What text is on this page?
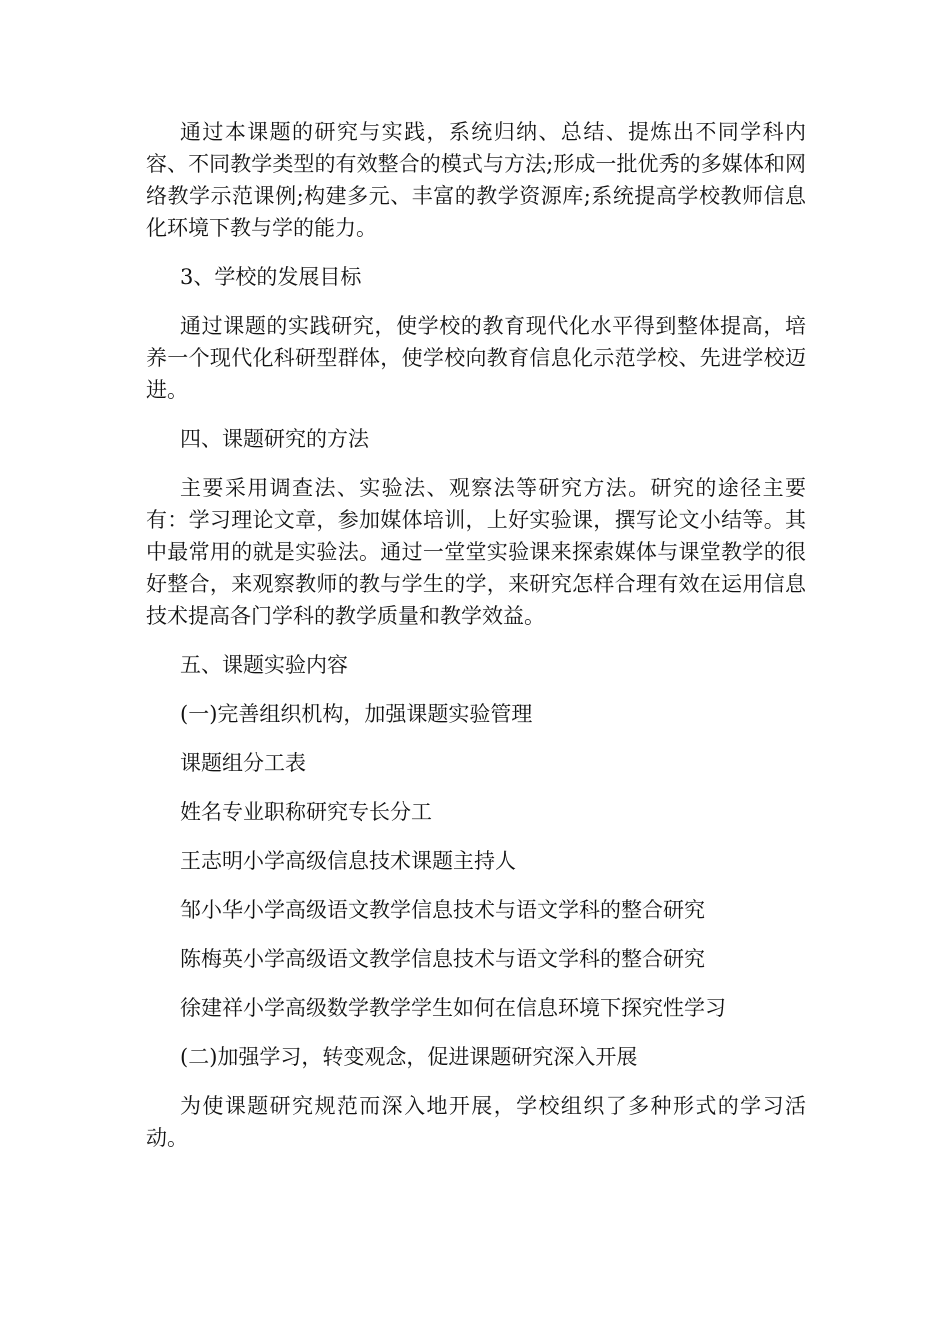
通过本课题的研究与实践，系统归纳、总结、提炼出不同学科内容、不同教学类型的有效整合的模式与方法;形成一批优秀的多媒体和网络教学示范课例;构建多元、丰富的教学资源库;系统提高学校教师信息化环境下教与学的能力。

3、学校的发展目标

通过课题的实践研究，使学校的教育现代化水平得到整体提高，培养一个现代化科研型群体，使学校向教育信息化示范学校、先进学校迈进。

四、课题研究的方法

主要采用调查法、实验法、观察法等研究方法。研究的途径主要有：学习理论文章，参加媒体培训，上好实验课，撰写论文小结等。其中最常用的就是实验法。通过一堂堂实验课来探索媒体与课堂教学的很好整合，来观察教师的教与学生的学，来研究怎样合理有效在运用信息技术提高各门学科的教学质量和教学效益。

五、课题实验内容

(一)完善组织机构，加强课题实验管理

课题组分工表

姓名专业职称研究专长分工

王志明小学高级信息技术课题主持人

邹小华小学高级语文教学信息技术与语文学科的整合研究

陈梅英小学高级语文教学信息技术与语文学科的整合研究

徐建祥小学高级数学教学学生如何在信息环境下探究性学习

(二)加强学习，转变观念，促进课题研究深入开展

为使课题研究规范而深入地开展，学校组织了多种形式的学习活动。
